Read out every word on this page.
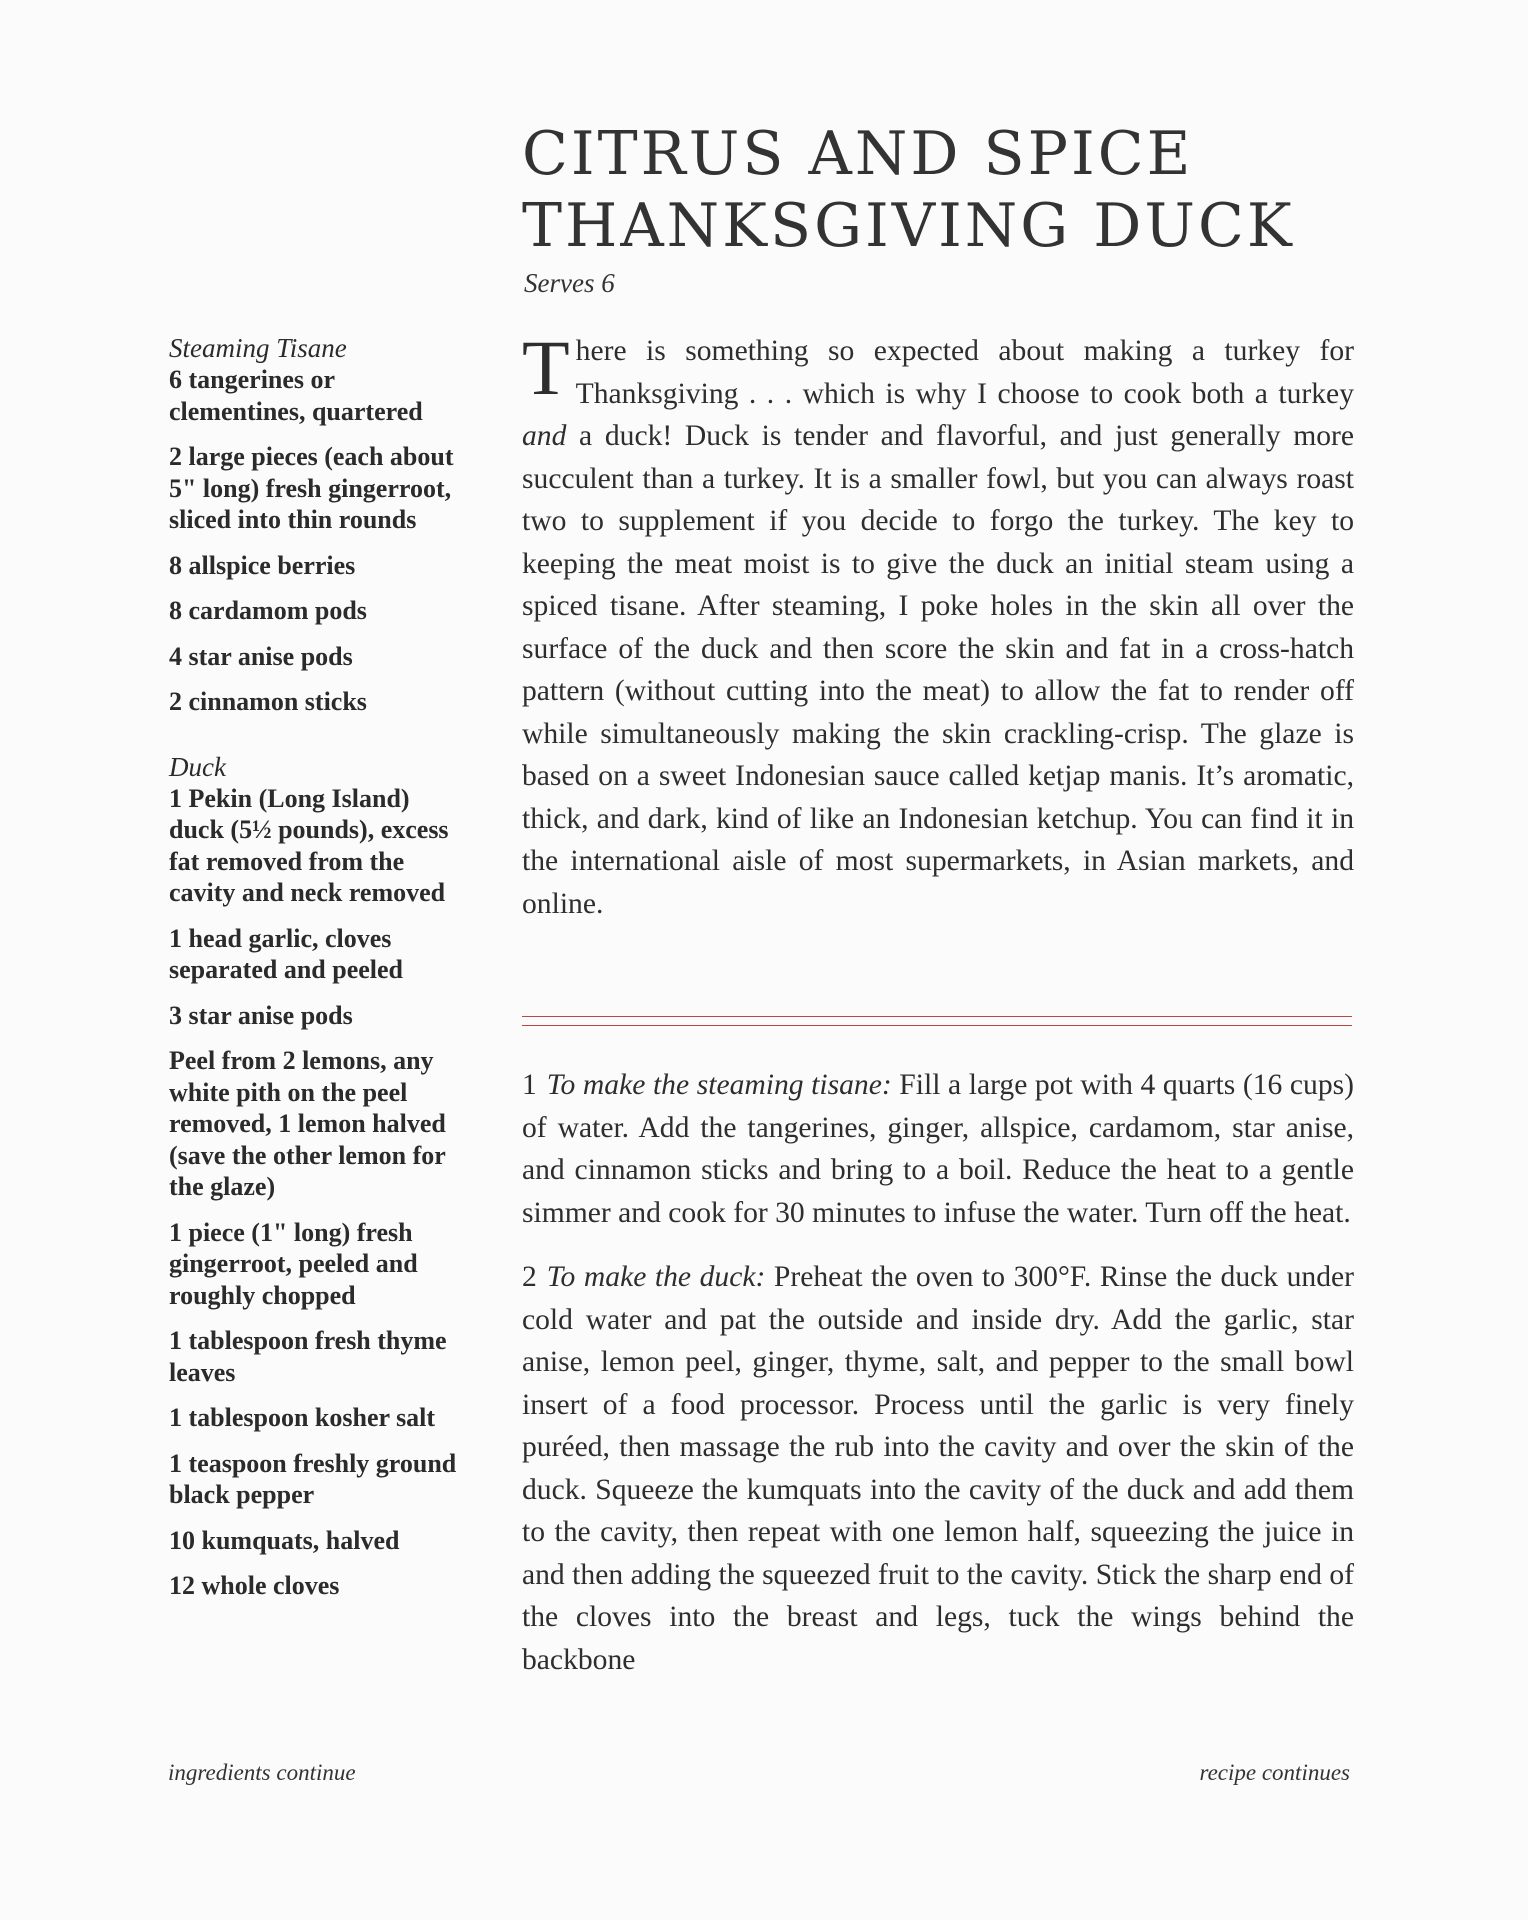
CITRUS AND SPICE
THANKSGIVING DUCK
Serves 6

Steaming Tisane

6 tangerines or clementines, quartered
2 large pieces (each about 5" long) fresh gingerroot, sliced into thin rounds
8 allspice berries
8 cardamom pods
4 star anise pods
2 cinnamon sticks

Duck

1 Pekin (Long Island) duck (5½ pounds), excess fat removed from the cavity and neck removed
1 head garlic, cloves separated and peeled
3 star anise pods
Peel from 2 lemons, any white pith on the peel removed, 1 lemon halved (save the other lemon for the glaze)
1 piece (1" long) fresh gingerroot, peeled and roughly chopped
1 tablespoon fresh thyme leaves
1 tablespoon kosher salt
1 teaspoon freshly ground black pepper
10 kumquats, halved
12 whole cloves

There is something so expected about making a turkey for Thanksgiving . . . which is why I choose to cook both a turkey and a duck! Duck is tender and flavorful, and just generally more succulent than a turkey. It is a smaller fowl, but you can always roast two to supplement if you decide to forgo the turkey. The key to keeping the meat moist is to give the duck an initial steam using a spiced tisane. After steaming, I poke holes in the skin all over the surface of the duck and then score the skin and fat in a cross-hatch pattern (without cutting into the meat) to allow the fat to render off while simultaneously making the skin crackling-crisp. The glaze is based on a sweet Indonesian sauce called ketjap manis. It’s aromatic, thick, and dark, kind of like an Indonesian ketchup. You can find it in the international aisle of most supermarkets, in Asian markets, and online.

1 To make the steaming tisane: Fill a large pot with 4 quarts (16 cups) of water. Add the tangerines, ginger, allspice, cardamom, star anise, and cinnamon sticks and bring to a boil. Reduce the heat to a gentle simmer and cook for 30 minutes to infuse the water. Turn off the heat.

2 To make the duck: Preheat the oven to 300°F. Rinse the duck under cold water and pat the outside and inside dry. Add the garlic, star anise, lemon peel, ginger, thyme, salt, and pepper to the small bowl insert of a food processor. Process until the garlic is very finely puréed, then massage the rub into the cavity and over the skin of the duck. Squeeze the kumquats into the cavity of the duck and add them to the cavity, then repeat with one lemon half, squeezing the juice in and then adding the squeezed fruit to the cavity. Stick the sharp end of the cloves into the breast and legs, tuck the wings behind the backbone

ingredients continue	recipe continues
